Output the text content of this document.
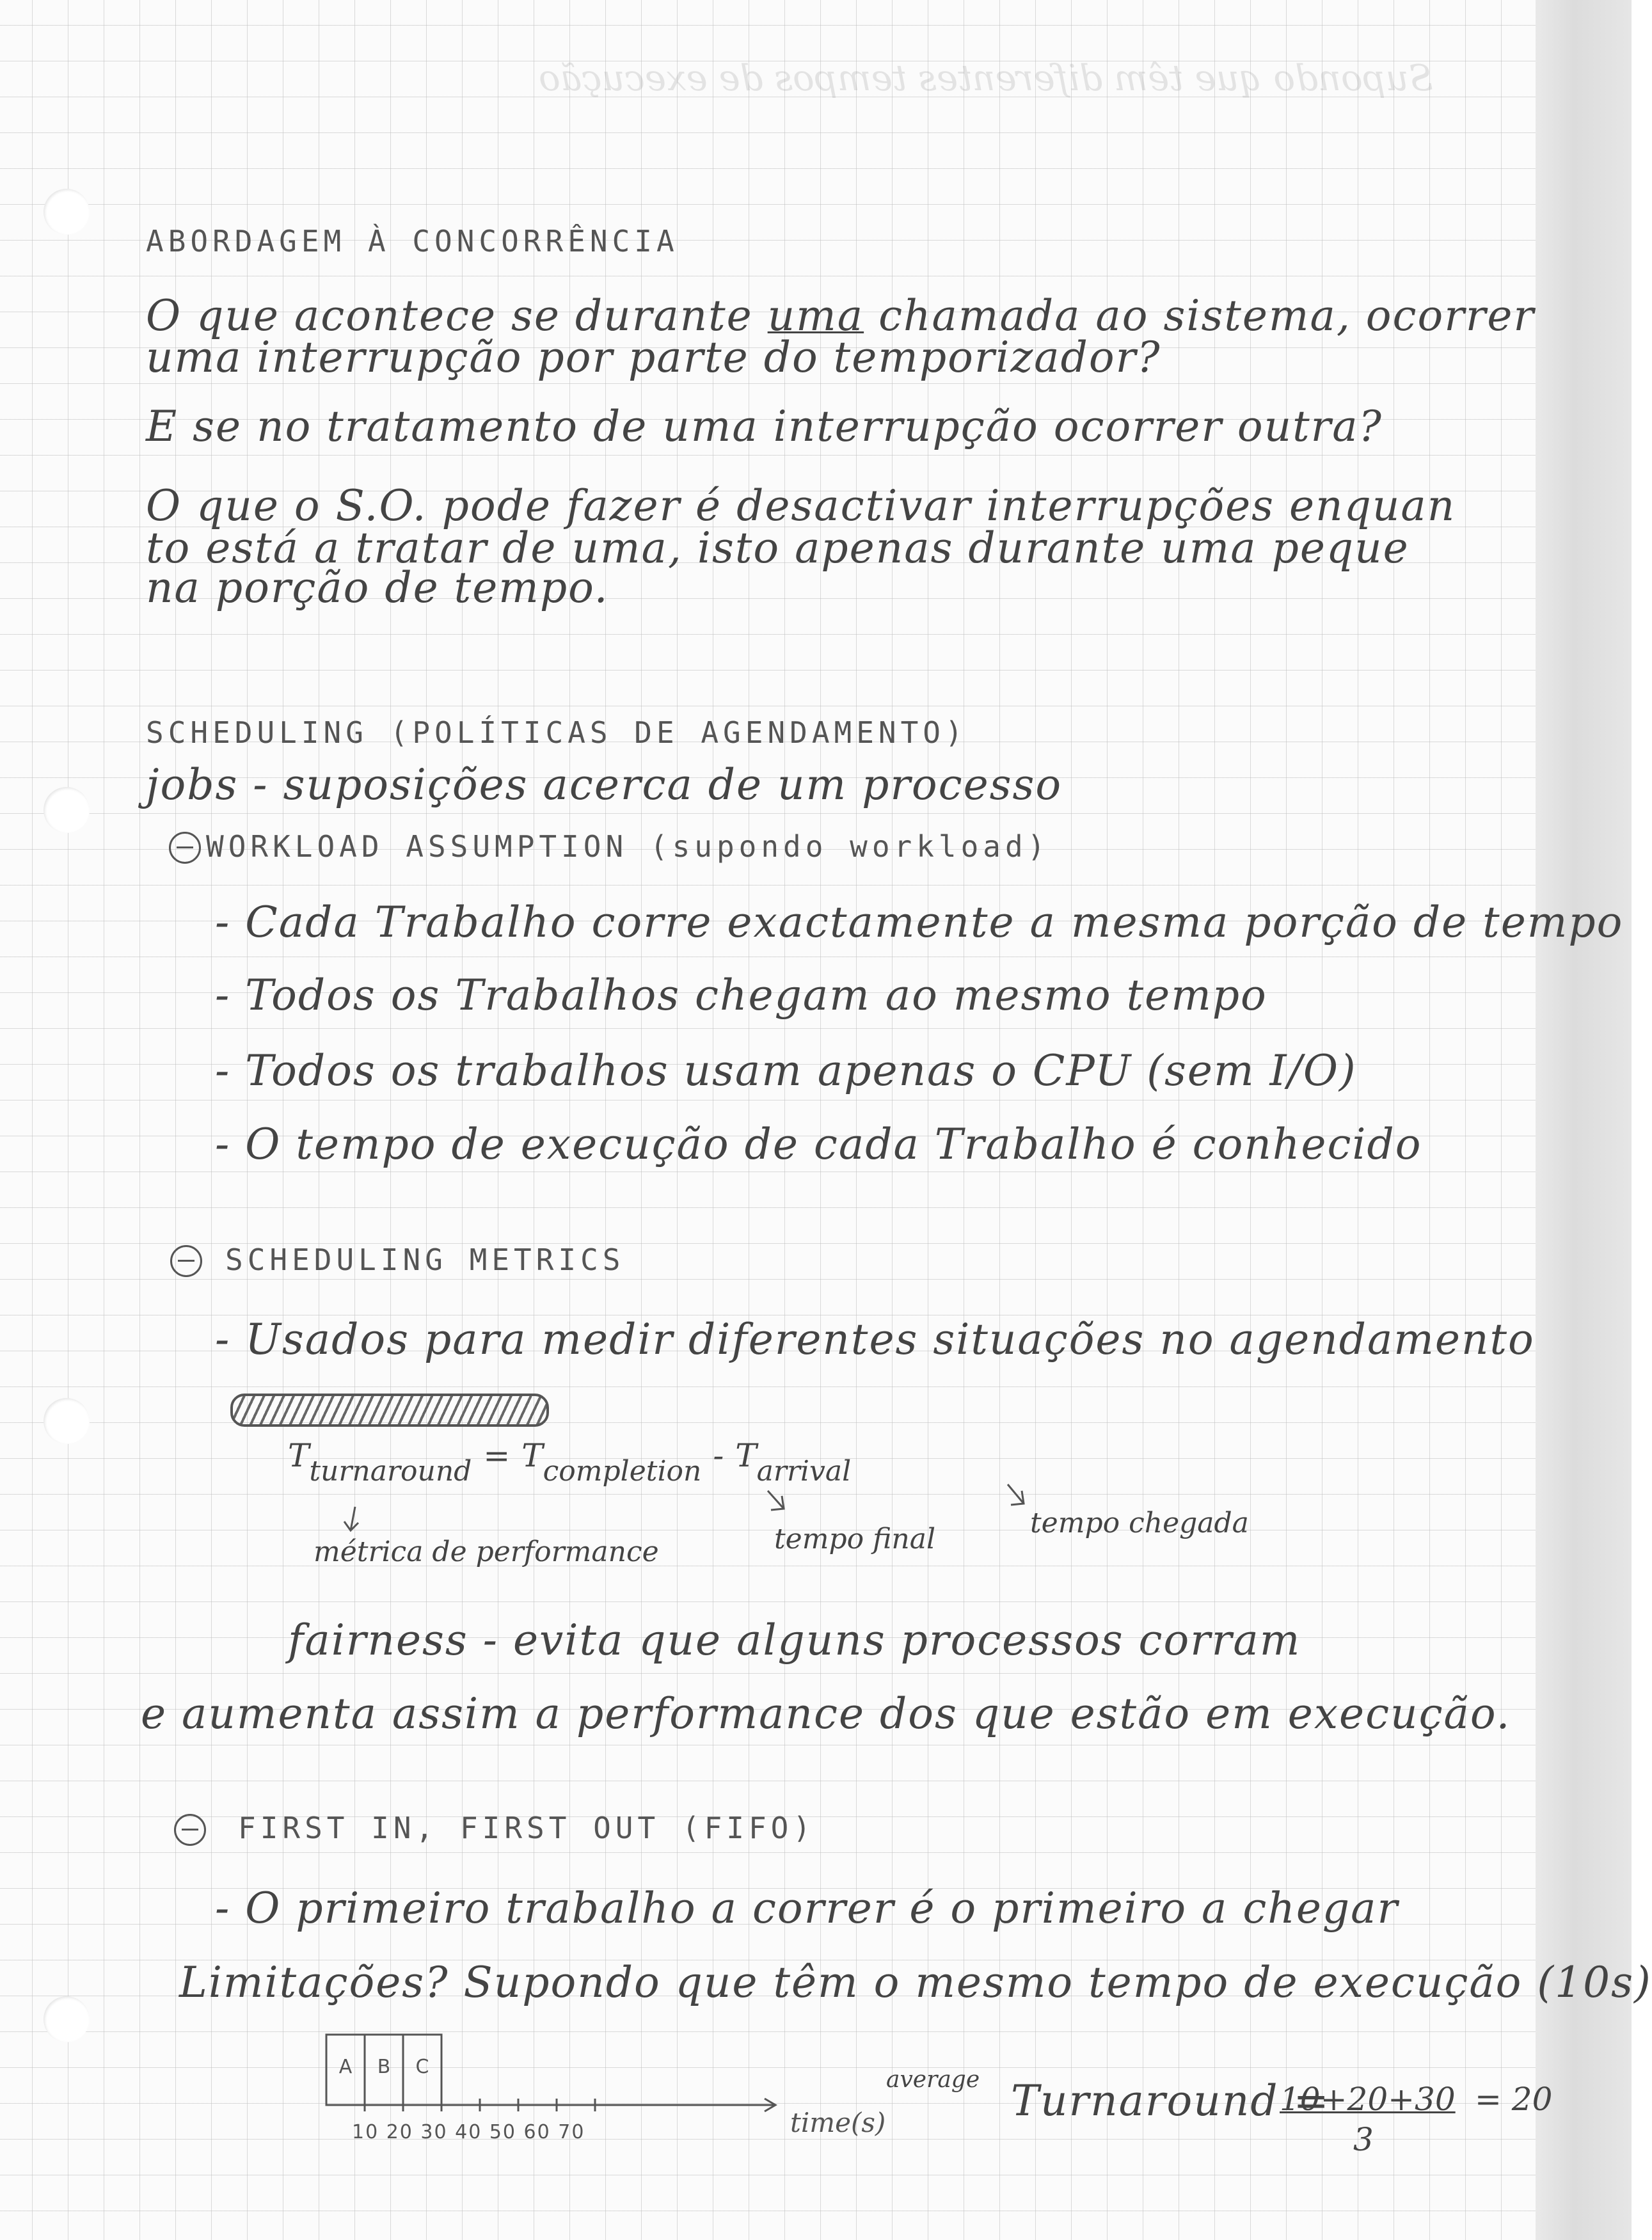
Supondo que têm diferentes tempos de execução
ABORDAGEM À CONCORRÊNCIA
O que acontece se durante uma chamada ao sistema, ocorrer
uma interrupção por parte do temporizador?
E se no tratamento de uma interrupção ocorrer outra?
O que o S.O. pode fazer é desactivar interrupções enquan
to está a tratar de uma, isto apenas durante uma peque
na porção de tempo.
SCHEDULING (POLÍTICAS DE AGENDAMENTO)
jobs - suposições acerca de um processo
WORKLOAD ASSUMPTION (supondo workload)
- Cada Trabalho corre exactamente a mesma porção de tempo
- Todos os Trabalhos chegam ao mesmo tempo
- Todos os trabalhos usam apenas o CPU (sem I/O)
- O tempo de execução de cada Trabalho é conhecido
SCHEDULING METRICS
- Usados para medir diferentes situações no agendamento
Tturnaround = Tcompletion - Tarrival
métrica de performance	tempo final	tempo chegada
fairness - evita que alguns processos corram
e aumenta assim a performance dos que estão em execução.
FIRST IN, FIRST OUT (FIFO)
- O primeiro trabalho a correr é o primeiro a chegar
Limitações? Supondo que têm o mesmo tempo de execução (10s)
A B C
10 20 30 40 50 60 70	time(s)
average Turnaround =
10+20+30
3
= 20
